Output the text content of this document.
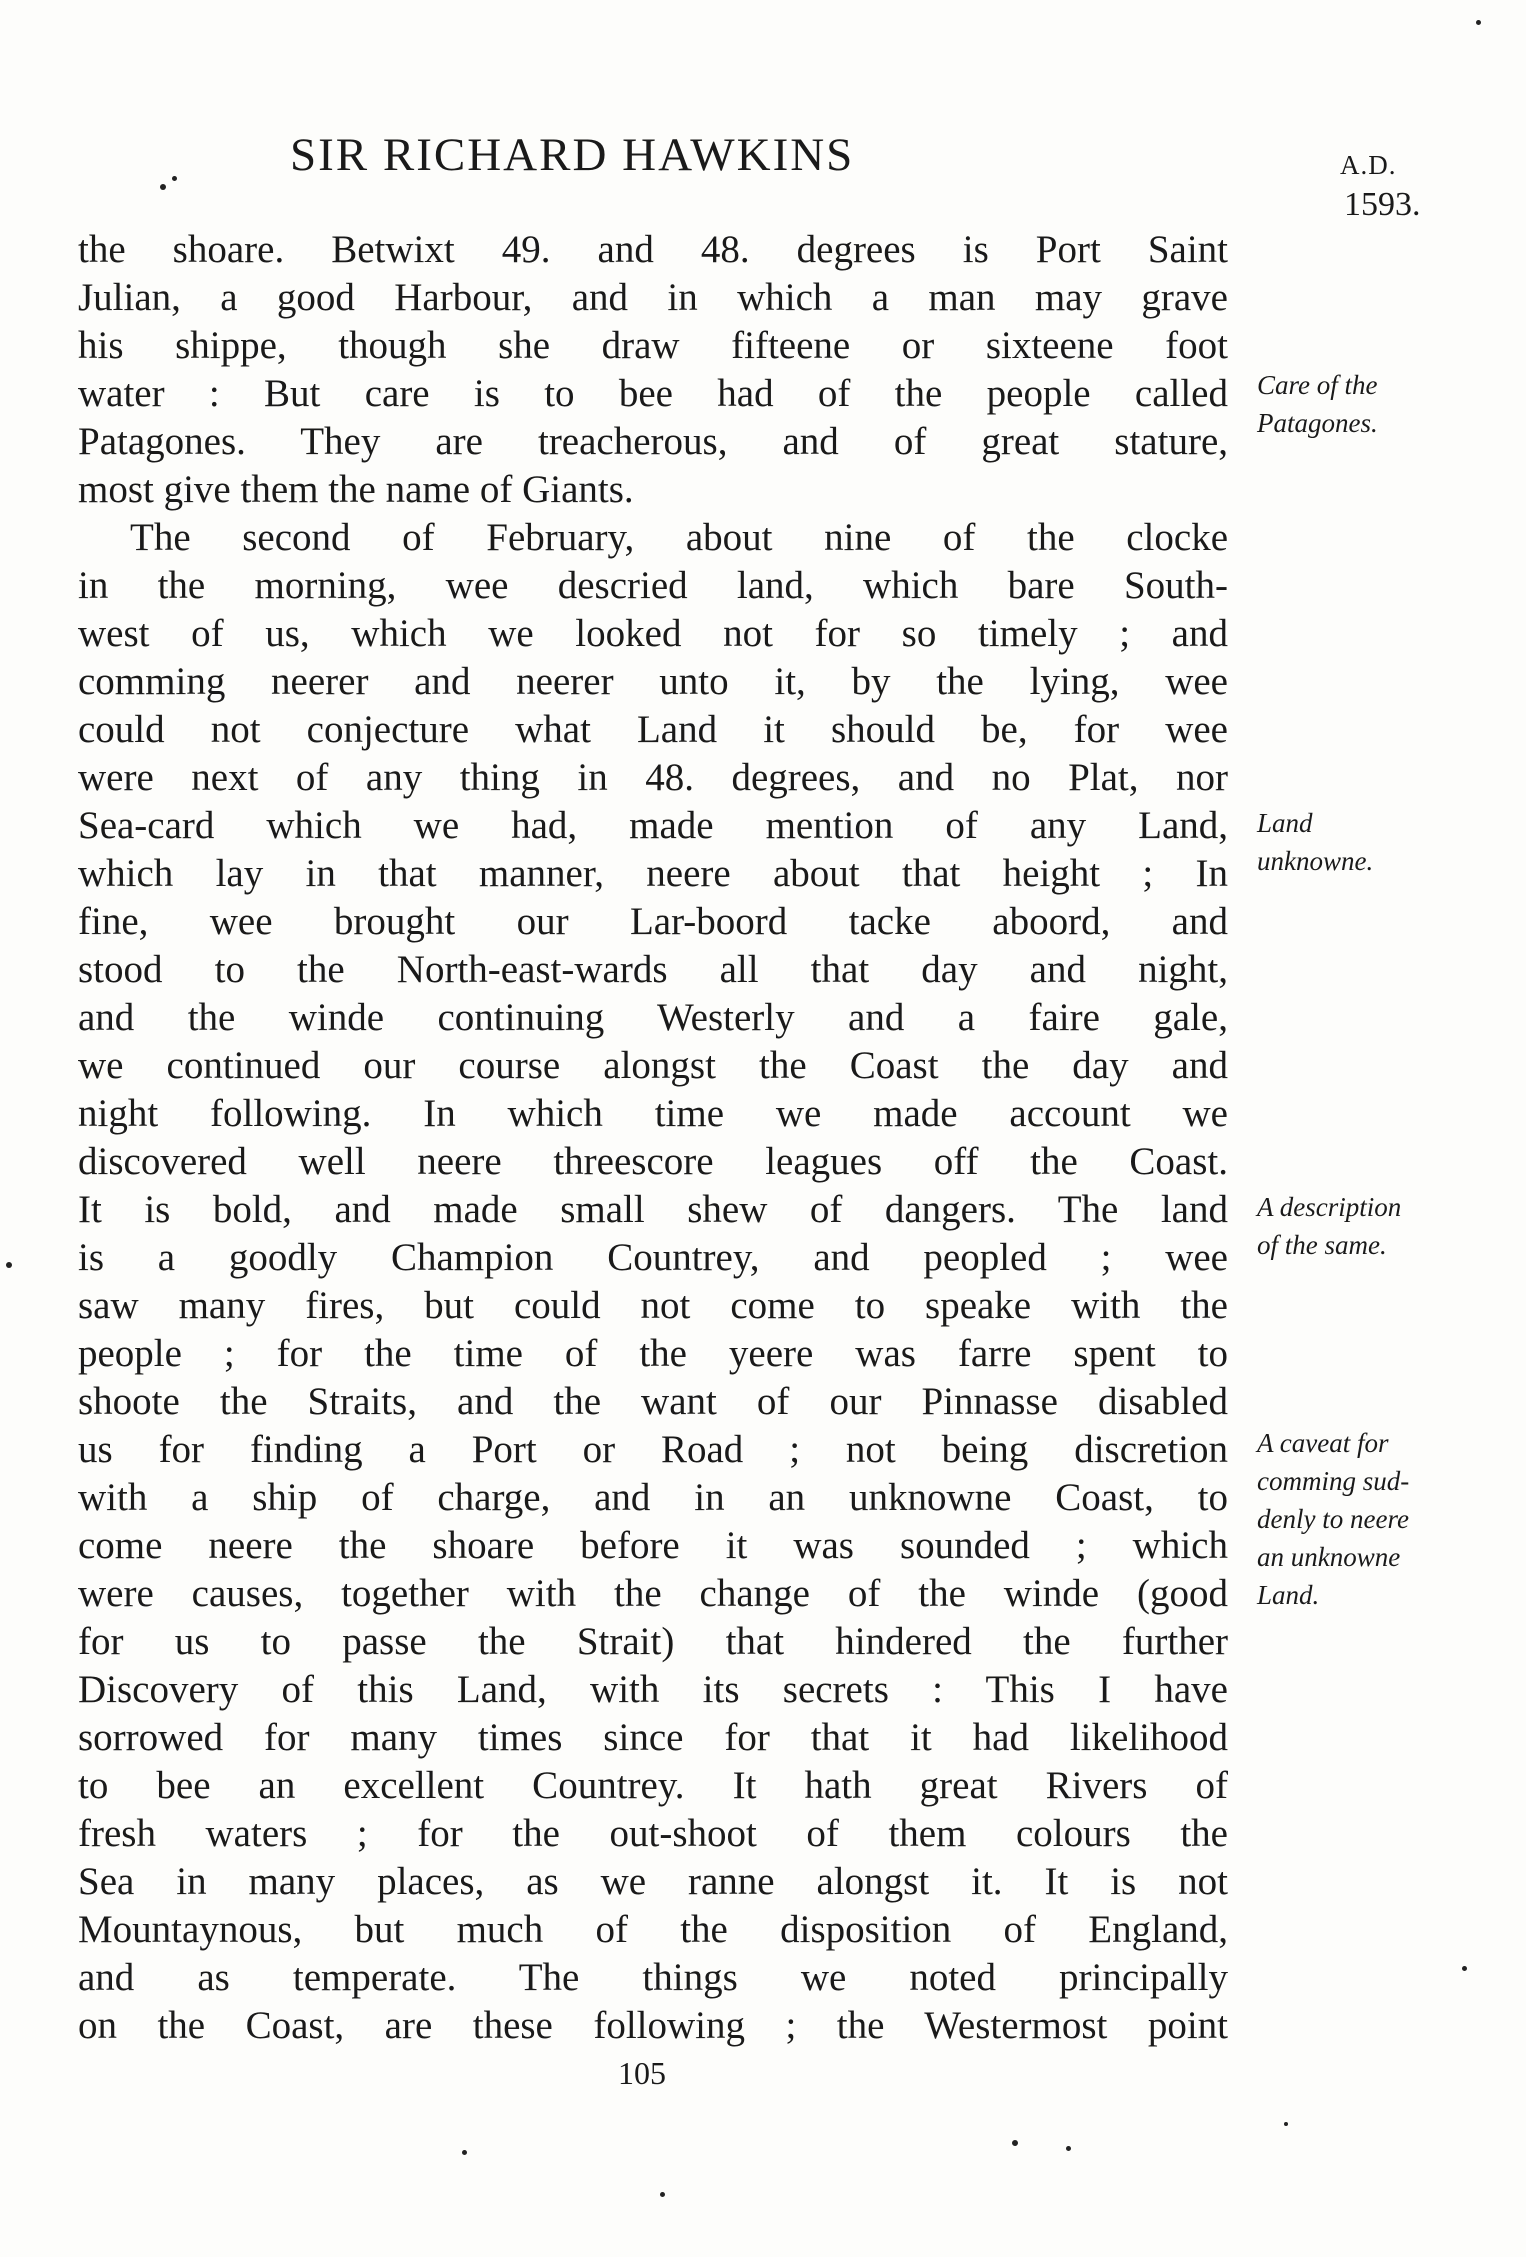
SIR RICHARD HAWKINS	A.D.
1593.
the shoare. Betwixt 49. and 48. degrees is Port Saint
Julian, a good Harbour, and in which a man may grave
his shippe, though she draw fifteene or sixteene foot
water : But care is to bee had of the people called
Patagones. They are treacherous, and of great stature,
most give them the name of Giants.
The second of February, about nine of the clocke
in the morning, wee descried land, which bare South-
west of us, which we looked not for so timely ; and
comming neerer and neerer unto it, by the lying, wee
could not conjecture what Land it should be, for wee
were next of any thing in 48. degrees, and no Plat, nor
Sea-card which we had, made mention of any Land,
which lay in that manner, neere about that height ; In
fine, wee brought our Lar-boord tacke aboord, and
stood to the North-east-wards all that day and night,
and the winde continuing Westerly and a faire gale,
we continued our course alongst the Coast the day and
night following. In which time we made account we
discovered well neere threescore leagues off the Coast.
It is bold, and made small shew of dangers. The land
is a goodly Champion Countrey, and peopled ; wee
saw many fires, but could not come to speake with the
people ; for the time of the yeere was farre spent to
shoote the Straits, and the want of our Pinnasse disabled
us for finding a Port or Road ; not being discretion
with a ship of charge, and in an unknowne Coast, to
come neere the shoare before it was sounded ; which
were causes, together with the change of the winde (good
for us to passe the Strait) that hindered the further
Discovery of this Land, with its secrets : This I have
sorrowed for many times since for that it had likelihood
to bee an excellent Countrey. It hath great Rivers of
fresh waters ; for the out-shoot of them colours the
Sea in many places, as we ranne alongst it. It is not
Mountaynous, but much of the disposition of England,
and as temperate. The things we noted principally
on the Coast, are these following ; the Westermost point
Care of the
Patagones.
Land
unknowne.
A description
of the same.
A caveat for
comming sud-
denly to neere
an unknowne
Land.
105
